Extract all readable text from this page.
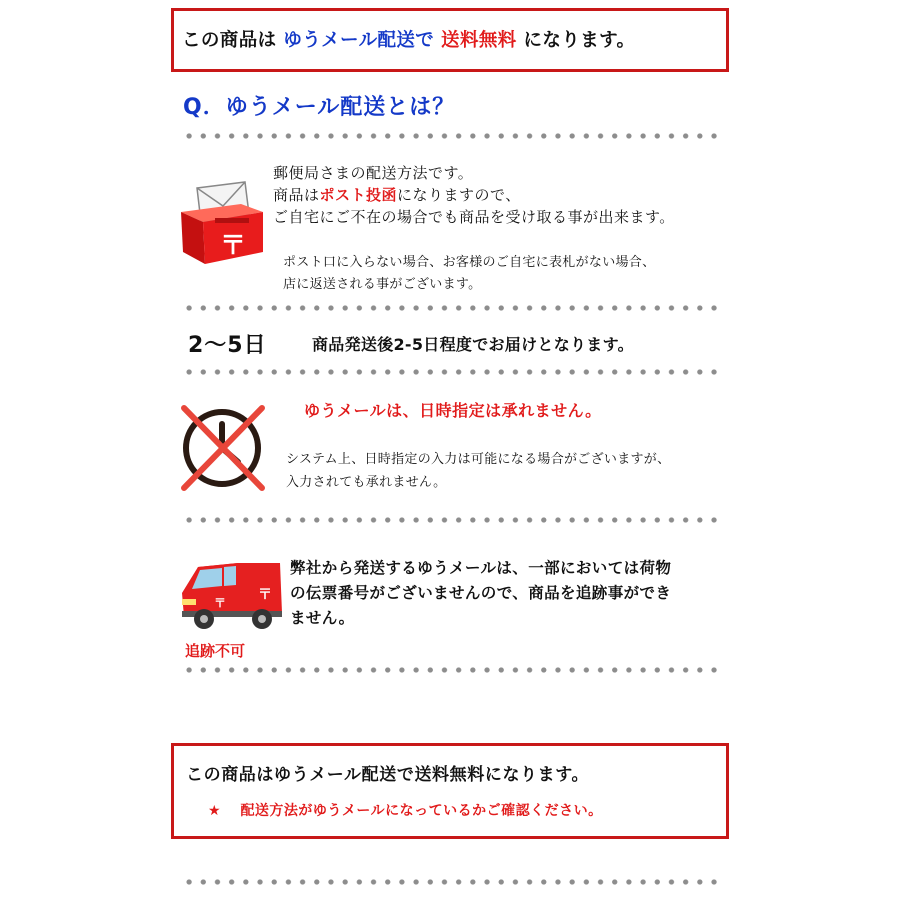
この商品は ゆうメール配送で 送料無料 になります。
Q．ゆうメール配送とは？
〒
郵便局さまの配送方法です。
商品はポスト投函になりますので、
ご自宅にご不在の場合でも商品を受け取る事が出来ます。
ポスト口に入らない場合、お客様のご自宅に表札がない場合、
店に返送される事がございます。
2～5日	商品発送後2-5日程度でお届けとなります。
ゆうメールは、日時指定は承れません。
システム上、日時指定の入力は可能になる場合がございますが、
入力されても承れません。
〒 〒
追跡不可
弊社から発送するゆうメールは、一部においては荷物
の伝票番号がございませんので、商品を追跡事ができ
ません。
この商品はゆうメール配送で送料無料になります。
★ 配送方法がゆうメールになっているかご確認ください。
